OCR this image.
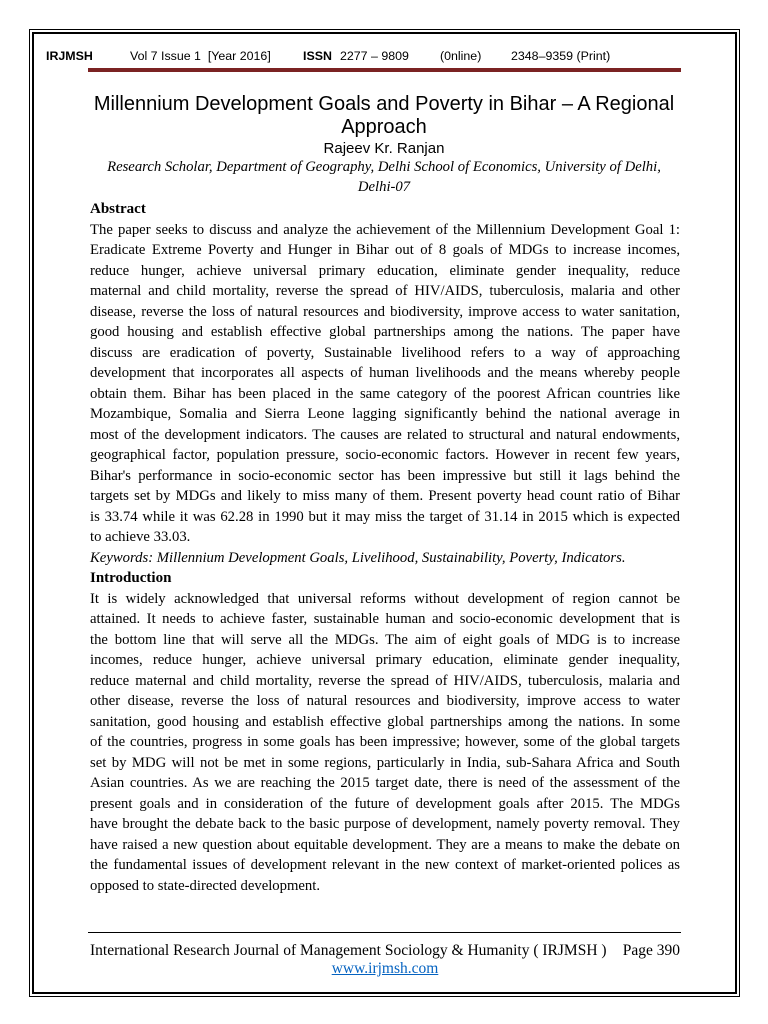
IRJMSH	Vol 7 Issue 1  [Year 2016]	ISSN 2277 – 9809	(0nline) 2348–9359 (Print)
Millennium Development Goals and Poverty in Bihar – A Regional
Approach
Rajeev Kr. Ranjan
Research Scholar, Department of Geography, Delhi School of Economics, University of Delhi,
Delhi-07
Abstract
The paper seeks to discuss and analyze the achievement of the Millennium Development Goal 1:
Eradicate Extreme Poverty and Hunger in Bihar out of 8 goals of MDGs to increase incomes,
reduce hunger, achieve universal primary education, eliminate gender inequality, reduce
maternal and child mortality, reverse the spread of HIV/AIDS, tuberculosis, malaria and other
disease, reverse the loss of natural resources and biodiversity, improve access to water sanitation,
good housing and establish effective global partnerships among the nations. The paper have
discuss are eradication of poverty, Sustainable livelihood refers to a way of approaching
development that incorporates all aspects of human livelihoods and the means whereby people
obtain them. Bihar has been placed in the same category of the poorest African countries like
Mozambique, Somalia and Sierra Leone lagging significantly behind the national average in
most of the development indicators. The causes are related to structural and natural endowments,
geographical factor, population pressure, socio-economic factors. However in recent few years,
Bihar's performance in socio-economic sector has been impressive but still it lags behind the
targets set by MDGs and likely to miss many of them. Present poverty head count ratio of Bihar
is 33.74 while it was 62.28 in 1990 but it may miss the target of 31.14 in 2015 which is expected
to achieve 33.03.
Keywords: Millennium Development Goals, Livelihood, Sustainability, Poverty, Indicators.
Introduction
It is widely acknowledged that universal reforms without development of region cannot be
attained. It needs to achieve faster, sustainable human and socio-economic development that is
the bottom line that will serve all the MDGs. The aim of eight goals of MDG is to increase
incomes, reduce hunger, achieve universal primary education, eliminate gender inequality,
reduce maternal and child mortality, reverse the spread of HIV/AIDS, tuberculosis, malaria and
other disease, reverse the loss of natural resources and biodiversity, improve access to water
sanitation, good housing and establish effective global partnerships among the nations. In some
of the countries, progress in some goals has been impressive; however, some of the global targets
set by MDG will not be met in some regions, particularly in India, sub-Sahara Africa and South
Asian countries. As we are reaching the 2015 target date, there is need of the assessment of the
present goals and in consideration of the future of development goals after 2015. The MDGs
have brought the debate back to the basic purpose of development, namely poverty removal. They
have raised a new question about equitable development. They are a means to make the debate on
the fundamental issues of development relevant in the new context of market-oriented polices as
opposed to state-directed development.
International Research Journal of Management Sociology & Humanity ( IRJMSH ) Page 390
www.irjmsh.com
